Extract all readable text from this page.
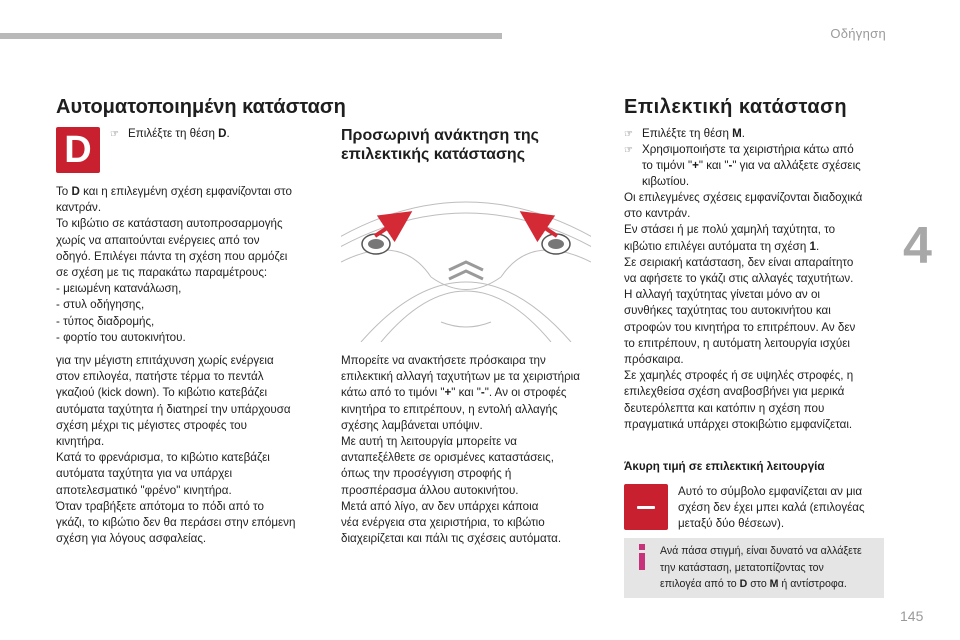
Οδήγηση
4
145
Αυτοματοποιημένη κατάσταση
D ☞ Επιλέξτε τη θέση D.
Το D και η επιλεγμένη σχέση εμφανίζονται στο
καντράν.
Το κιβώτιο σε κατάσταση αυτοπροσαρμογής
χωρίς να απαιτούνται ενέργειες από τον
οδηγό. Επιλέγει πάντα τη σχέση που αρμόζει
σε σχέση με τις παρακάτω παραμέτρους:
- μειωμένη κατανάλωση,
- στυλ οδήγησης,
- τύπος διαδρομής,
- φορτίο του αυτοκινήτου.
για την μέγιστη επιτάχυνση χωρίς ενέργεια
στον επιλογέα, πατήστε τέρμα το πεντάλ
γκαζιού (kick down). Το κιβώτιο κατεβάζει
αυτόματα ταχύτητα ή διατηρεί την υπάρχουσα
σχέση μέχρι τις μέγιστες στροφές του
κινητήρα.
Κατά το φρενάρισμα, το κιβώτιο κατεβάζει
αυτόματα ταχύτητα για να υπάρχει
αποτελεσματικό "φρένο" κινητήρα.
Όταν τραβήξετε απότομα το πόδι από το
γκάζι, το κιβώτιο δεν θα περάσει στην επόμενη
σχέση για λόγους ασφαλείας.
Προσωρινή ανάκτηση της
επιλεκτικής κατάστασης
Μπορείτε να ανακτήσετε πρόσκαιρα την
επιλεκτική αλλαγή ταχυτήτων με τα χειριστήρια
κάτω από το τιμόνι "+" και "-". Αν οι στροφές
κινητήρα το επιτρέπουν, η εντολή αλλαγής
σχέσης λαμβάνεται υπόψιν.
Με αυτή τη λειτουργία μπορείτε να
ανταπεξέλθετε σε ορισμένες καταστάσεις,
όπως την προσέγγιση στροφής ή
προσπέρασμα άλλου αυτοκινήτου.
Μετά από λίγο, αν δεν υπάρχει κάποια
νέα ενέργεια στα χειριστήρια, το κιβώτιο
διαχειρίζεται και πάλι τις σχέσεις αυτόματα.
Επιλεκτική κατάσταση
☞ Επιλέξτε τη θέση M.
☞ Χρησιμοποιήστε τα χειριστήρια κάτω από
το τιμόνι "+" και "-" για να αλλάξετε σχέσεις
κιβωτίου.
Οι επιλεγμένες σχέσεις εμφανίζονται διαδοχικά
στο καντράν.
Εν στάσει ή με πολύ χαμηλή ταχύτητα, το
κιβώτιο επιλέγει αυτόματα τη σχέση 1.
Σε σειριακή κατάσταση, δεν είναι απαραίτητο
να αφήσετε το γκάζι στις αλλαγές ταχυτήτων.
Η αλλαγή ταχύτητας γίνεται μόνο αν οι
συνθήκες ταχύτητας του αυτοκινήτου και
στροφών του κινητήρα το επιτρέπουν. Αν δεν
το επιτρέπουν, η αυτόματη λειτουργία ισχύει
πρόσκαιρα.
Σε χαμηλές στροφές ή σε υψηλές στροφές, η
επιλεχθείσα σχέση αναβοσβήνει για μερικά
δευτερόλεπτα και κατόπιν η σχέση που
πραγματικά υπάρχει στοκιβώτιο εμφανίζεται.
Άκυρη τιμή σε επιλεκτική λειτουργία
Αυτό το σύμβολο εμφανίζεται αν μια
σχέση δεν έχει μπει καλά (επιλογέας
μεταξύ δύο θέσεων).
Ανά πάσα στιγμή, είναι δυνατό να αλλάξετε
την κατάσταση, μετατοπίζοντας τον
επιλογέα από το D στο M ή αντίστροφα.
